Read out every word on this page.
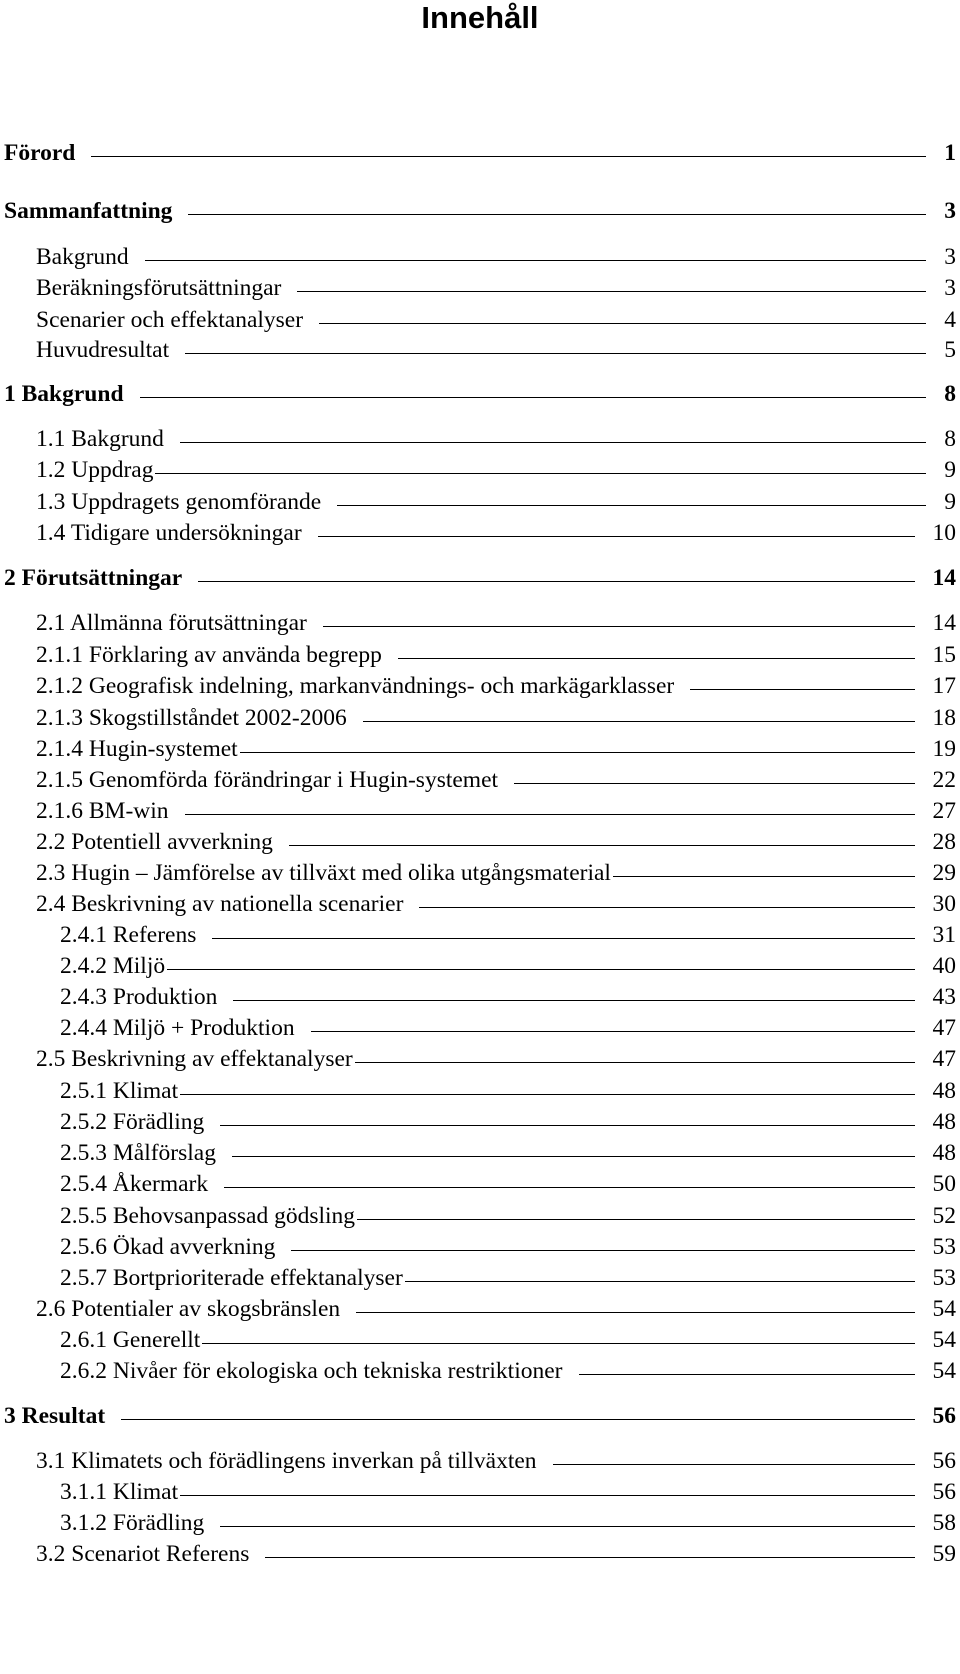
Innehåll
Förord	1
Sammanfattning	3
Bakgrund	3
Beräkningsförutsättningar	3
Scenarier och effektanalyser	4
Huvudresultat	5
1 Bakgrund	8
1.1 Bakgrund	8
1.2 Uppdrag	9
1.3 Uppdragets genomförande	9
1.4 Tidigare undersökningar	10
2 Förutsättningar	14
2.1 Allmänna förutsättningar	14
2.1.1 Förklaring av använda begrepp	15
2.1.2 Geografisk indelning, markanvändnings- och markägarklasser	17
2.1.3 Skogstillståndet 2002-2006	18
2.1.4 Hugin-systemet	19
2.1.5 Genomförda förändringar i Hugin-systemet	22
2.1.6 BM-win	27
2.2 Potentiell avverkning	28
2.3 Hugin – Jämförelse av tillväxt med olika utgångsmaterial	29
2.4 Beskrivning av nationella scenarier	30
2.4.1 Referens	31
2.4.2 Miljö	40
2.4.3 Produktion	43
2.4.4 Miljö + Produktion	47
2.5 Beskrivning av effektanalyser	47
2.5.1 Klimat	48
2.5.2 Förädling	48
2.5.3 Målförslag	48
2.5.4 Åkermark	50
2.5.5 Behovsanpassad gödsling	52
2.5.6 Ökad avverkning	53
2.5.7 Bortprioriterade effektanalyser	53
2.6 Potentialer av skogsbränslen	54
2.6.1 Generellt	54
2.6.2 Nivåer för ekologiska och tekniska restriktioner	54
3 Resultat	56
3.1 Klimatets och förädlingens inverkan på tillväxten	56
3.1.1 Klimat	56
3.1.2 Förädling	58
3.2 Scenariot Referens	59
